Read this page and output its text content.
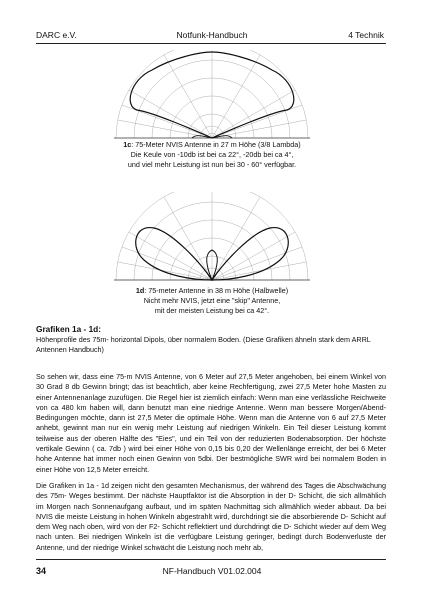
DARC e.V.	Notfunk-Handbuch	4 Technik
1c: 75-Meter NVIS Antenne in 27 m Höhe (3/8 Lambda)
Die Keule von -10db ist bei ca 22°, -20db bei ca 4°,
und viel mehr Leistung ist nun bei 30 - 60° verfügbar.
1d: 75-meter Antenne in 38 m Höhe (Halbwelle)
Nicht mehr NVIS, jetzt eine "skip" Antenne,
mit der meisten Leistung bei ca 42°.
Grafiken 1a - 1d:
Höhenprofile des 75m- horizontal Dipols, über normalem Boden. (Diese Grafiken ähneln stark dem ARRL Antennen Handbuch)
So sehen wir, dass eine 75-m NVIS Antenne, von 6 Meter auf 27,5 Meter angehoben, bei einem Winkel von 30 Grad 8 db Gewinn bringt; das ist beachtlich, aber keine Rechfertigung, zwei 27,5 Meter hohe Masten zu einer Antennenanlage zuzufügen. Die Regel hier ist ziemlich einfach: Wenn man eine verlässliche Reichweite von ca 480 km haben will, dann benutzt man eine niedrige Antenne. Wenn man bessere Morgen/Abend- Bedingungen möchte, dann ist 27,5 Meter die optimale Höhe. Wenn man die Antenne von 6 auf 27,5 Meter anhebt, gewinnt man nur ein wenig mehr Leistung auf niedrigen Winkeln. Ein Teil dieser Leistung kommt teilweise aus der oberen Hälfte des "Eies", und ein Teil von der reduzierten Bodenabsorption. Der höchste vertikale Gewinn ( ca. 7db ) wird bei einer Höhe von 0,15 bis 0,20 der Wellenlänge erreicht, der bei 6 Meter hohe Antenne hat immer noch einen Gewinn von 5dbi. Der bestmögliche SWR wird bei normalem Boden in einer Höhe von 12,5 Meter erreicht.
Die Grafiken in 1a - 1d zeigen nicht den gesamten Mechanismus, der während des Tages die Abschwächung des 75m- Weges bestimmt. Der nächste Hauptfaktor ist die Absorption in der D- Schicht, die sich allmählich im Morgen nach Sonnenaufgang aufbaut, und im späten Nachmittag sich allmählich wieder abbaut. Da bei NVIS die meiste Leistung in hohen Winkeln abgestrahlt wird, durchdringt sie die absorbierende D- Schicht auf dem Weg nach oben, wird von der F2- Schicht reflektiert und durchdringt die D- Schicht wieder auf dem Weg nach unten. Bei niedrigen Winkeln ist die verfügbare Leistung geringer, bedingt durch Bodenverluste der Antenne, und der niedrige Winkel schwächt die Leistung noch mehr ab,
34	NF-Handbuch V01.02.004
